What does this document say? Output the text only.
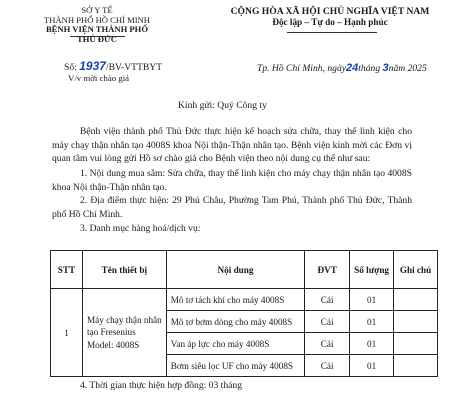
SỞ Y TẾ
THÀNH PHỐ HỒ CHÍ MINH
BỆNH VIỆN THÀNH PHỐ THỦ ĐỨC
CỘNG HÒA XÃ HỘI CHỦ NGHĨA VIỆT NAM
Độc lập – Tự do – Hạnh phúc
Số: 1937/BV-VTTBYT
V/v mời chào giá
Tp. Hồ Chí Minh, ngày24tháng 3năm 2025
Kính gửi: Quý Công ty
Bệnh viện thành phố Thủ Đức thực hiện kế hoạch sửa chữa, thay thế linh kiện cho máy chạy thận nhân tạo 4008S khoa Nội thận-Thận nhân tạo. Bệnh viện kính mời các Đơn vị quan tâm vui lòng gửi Hồ sơ chào giá cho Bệnh viện theo nội dung cụ thể như sau:
1. Nội dung mua sắm: Sửa chữa, thay thế linh kiện cho máy chạy thận nhân tạo 4008S khoa Nội thận-Thận nhân tạo.
2. Địa điểm thực hiện: 29 Phú Châu, Phường Tam Phú, Thành phố Thủ Đức, Thành phố Hồ Chí Minh.
3. Danh mục hàng hoá/dịch vụ:
STT	Tên thiết bị	Nội dung	ĐVT	Số lượng	Ghi chú
1	Máy chạy thận nhân tạo Fresenius Model: 4008S	Mô tơ tách khí cho máy 4008S	Cái	01	
		Mô tơ bơm dòng cho máy 4008S	Cái	01	
		Van áp lực cho máy 4008S	Cái	01	
		Bơm siêu lọc UF cho máy 4008S	Cái	01	
4. Thời gian thực hiện hợp đồng: 03 tháng
